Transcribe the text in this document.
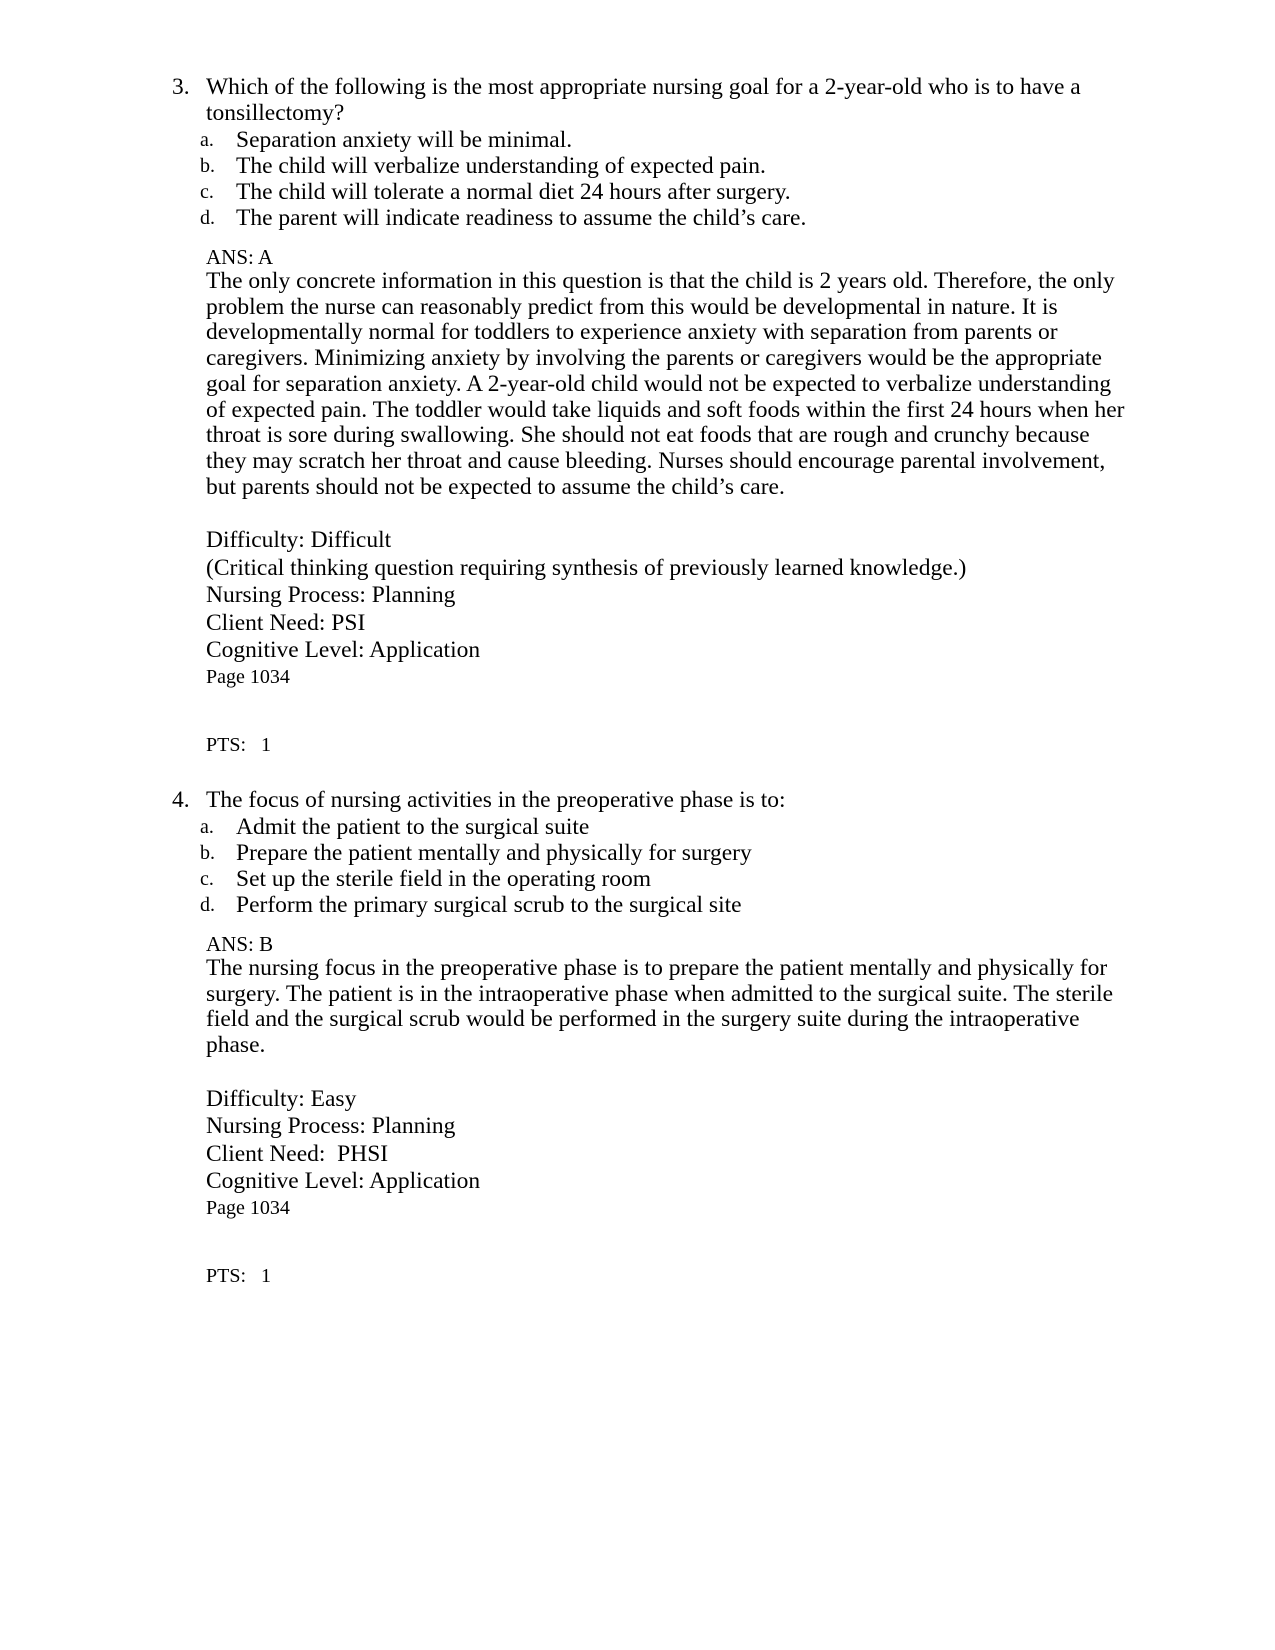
3. Which of the following is the most appropriate nursing goal for a 2-year-old who is to have a tonsillectomy?
a. Separation anxiety will be minimal.
b. The child will verbalize understanding of expected pain.
c. The child will tolerate a normal diet 24 hours after surgery.
d. The parent will indicate readiness to assume the child’s care.
ANS: A
The only concrete information in this question is that the child is 2 years old. Therefore, the only problem the nurse can reasonably predict from this would be developmental in nature. It is developmentally normal for toddlers to experience anxiety with separation from parents or caregivers. Minimizing anxiety by involving the parents or caregivers would be the appropriate goal for separation anxiety. A 2-year-old child would not be expected to verbalize understanding of expected pain. The toddler would take liquids and soft foods within the first 24 hours when her throat is sore during swallowing. She should not eat foods that are rough and crunchy because they may scratch her throat and cause bleeding. Nurses should encourage parental involvement, but parents should not be expected to assume the child’s care.
Difficulty: Difficult
(Critical thinking question requiring synthesis of previously learned knowledge.)
Nursing Process: Planning
Client Need: PSI
Cognitive Level: Application
Page 1034
PTS:   1
4. The focus of nursing activities in the preoperative phase is to:
a. Admit the patient to the surgical suite
b. Prepare the patient mentally and physically for surgery
c. Set up the sterile field in the operating room
d. Perform the primary surgical scrub to the surgical site
ANS: B
The nursing focus in the preoperative phase is to prepare the patient mentally and physically for surgery. The patient is in the intraoperative phase when admitted to the surgical suite. The sterile field and the surgical scrub would be performed in the surgery suite during the intraoperative phase.
Difficulty: Easy
Nursing Process: Planning
Client Need:  PHSI
Cognitive Level: Application
Page 1034
PTS:   1
